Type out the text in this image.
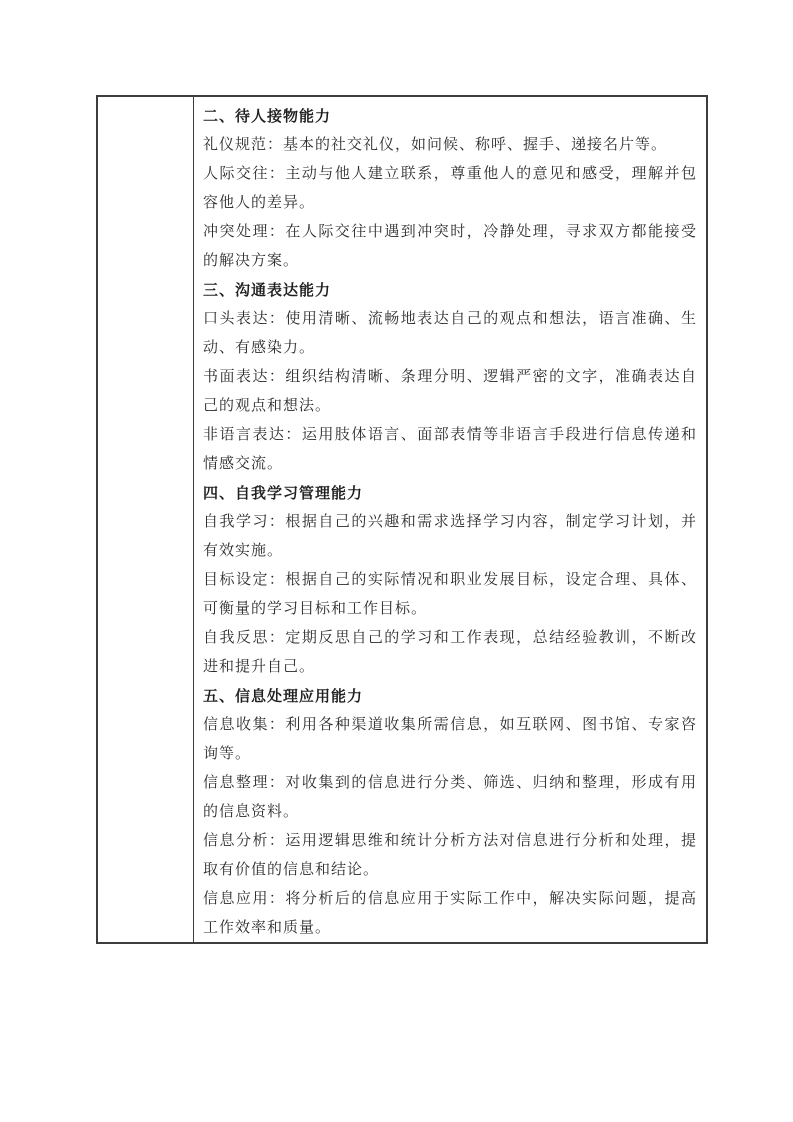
二、待人接物能力
礼仪规范：基本的社交礼仪，如问候、称呼、握手、递接名片等。
人际交往：主动与他人建立联系，尊重他人的意见和感受，理解并包容他人的差异。
冲突处理：在人际交往中遇到冲突时，冷静处理，寻求双方都能接受的解决方案。
三、沟通表达能力
口头表达：使用清晰、流畅地表达自己的观点和想法，语言准确、生动、有感染力。
书面表达：组织结构清晰、条理分明、逻辑严密的文字，准确表达自己的观点和想法。
非语言表达：运用肢体语言、面部表情等非语言手段进行信息传递和情感交流。
四、自我学习管理能力
自我学习：根据自己的兴趣和需求选择学习内容，制定学习计划，并有效实施。
目标设定：根据自己的实际情况和职业发展目标，设定合理、具体、可衡量的学习目标和工作目标。
自我反思：定期反思自己的学习和工作表现，总结经验教训，不断改进和提升自己。
五、信息处理应用能力
信息收集：利用各种渠道收集所需信息，如互联网、图书馆、专家咨询等。
信息整理：对收集到的信息进行分类、筛选、归纳和整理，形成有用的信息资料。
信息分析：运用逻辑思维和统计分析方法对信息进行分析和处理，提取有价值的信息和结论。
信息应用：将分析后的信息应用于实际工作中，解决实际问题，提高工作效率和质量。
